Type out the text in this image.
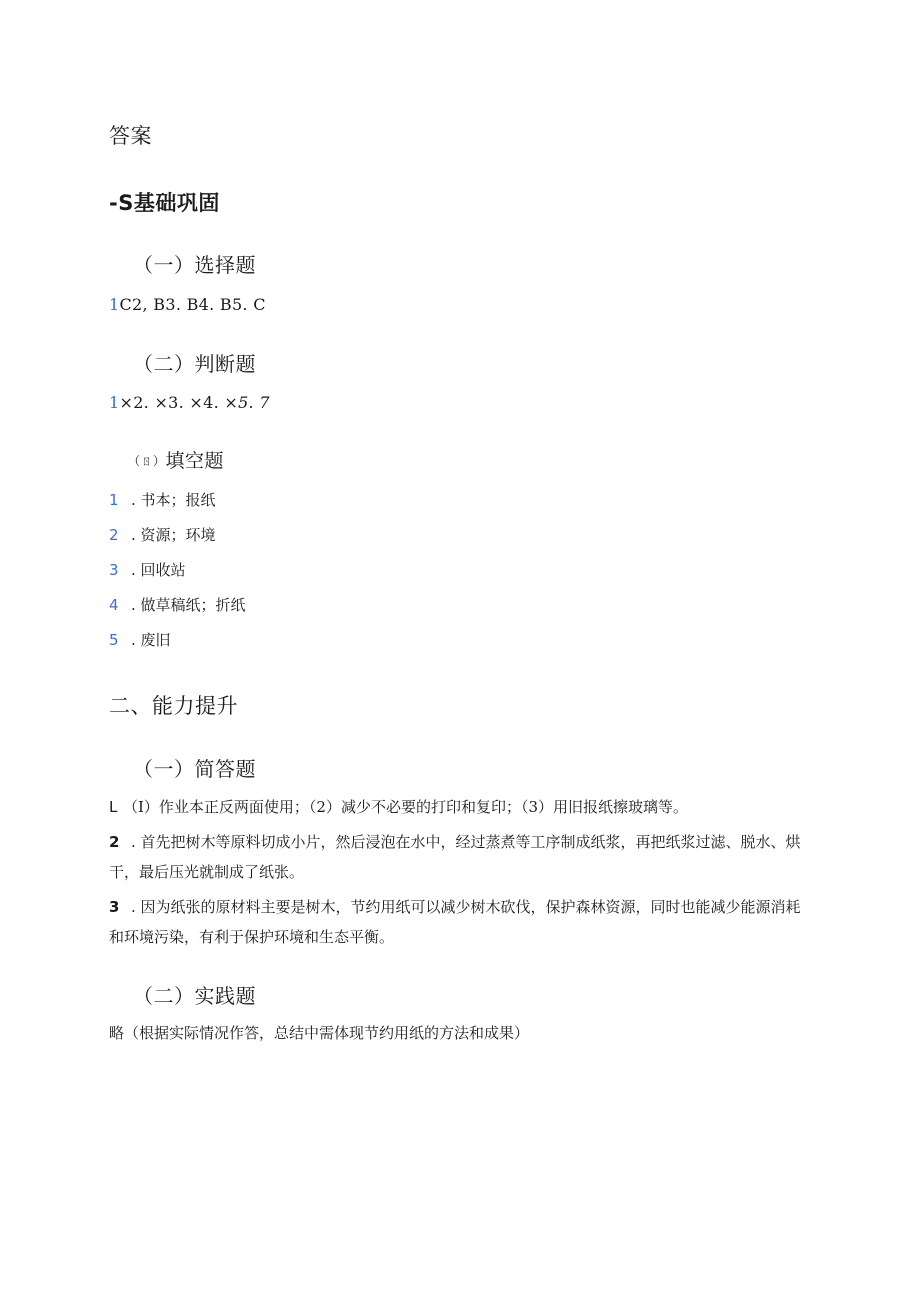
答案
-S基础巩固
（一）选择题
1C2, B3. B4. B5. C
（二）判断题
1×2. ×3. ×4. ×5. 7
（ㄖ）填空题
1 . 书本；报纸
2 . 资源；环境
3 . 回收站
4 . 做草稿纸；折纸
5 . 废旧
二、能力提升
（一）简答题
L （I）作业本正反两面使用；（2）减少不必要的打印和复印；（3）用旧报纸擦玻璃等。
2 . 首先把树木等原料切成小片，然后浸泡在水中，经过蒸煮等工序制成纸浆，再把纸浆过滤、脱水、烘干，最后压光就制成了纸张。
3 . 因为纸张的原材料主要是树木，节约用纸可以减少树木砍伐，保护森林资源，同时也能减少能源消耗和环境污染，有利于保护环境和生态平衡。
（二）实践题
略（根据实际情况作答，总结中需体现节约用纸的方法和成果）
